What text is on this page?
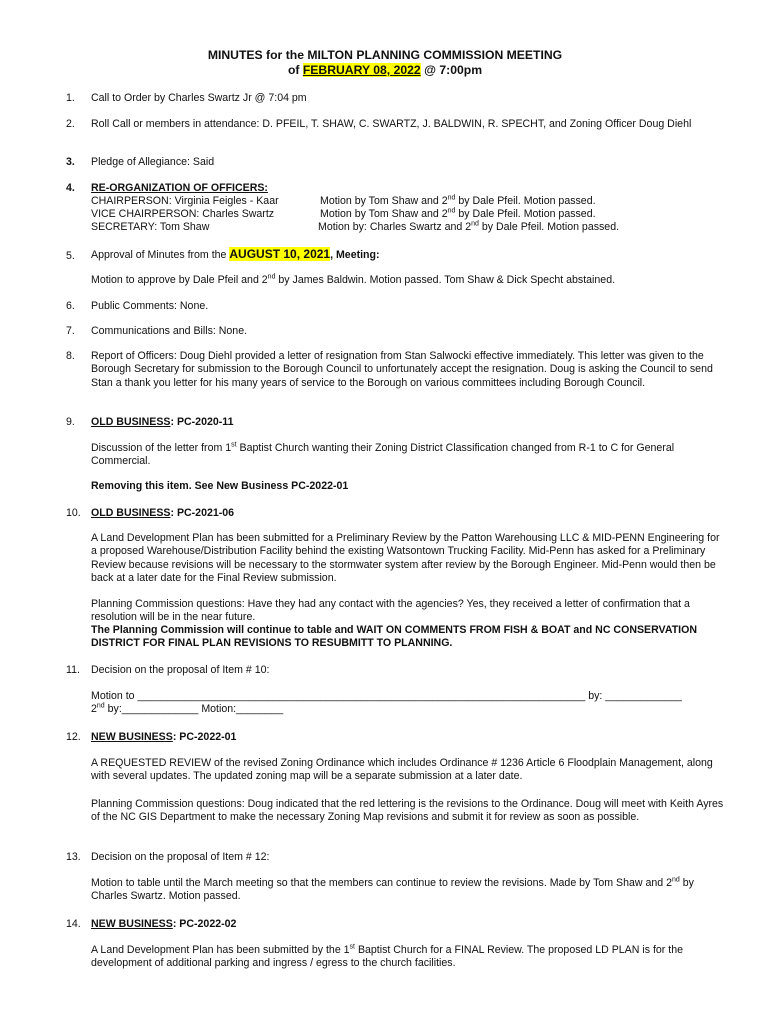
MINUTES for the MILTON PLANNING COMMISSION MEETING
of FEBRUARY 08, 2022 @ 7:00pm
1. Call to Order by Charles Swartz Jr @ 7:04 pm
2. Roll Call or members in attendance: D. PFEIL, T. SHAW, C. SWARTZ, J. BALDWIN, R. SPECHT, and Zoning Officer Doug Diehl
3. Pledge of Allegiance: Said
4. RE-ORGANIZATION OF OFFICERS:
CHAIRPERSON: Virginia Feigles - Kaar	Motion by Tom Shaw and 2nd by Dale Pfeil. Motion passed.
VICE CHAIRPERSON: Charles Swartz	Motion by Tom Shaw and 2nd by Dale Pfeil. Motion passed.
SECRETARY: Tom Shaw	Motion by: Charles Swartz and 2nd by Dale Pfeil. Motion passed.
5. Approval of Minutes from the AUGUST 10, 2021, Meeting:
Motion to approve by Dale Pfeil and 2nd by James Baldwin. Motion passed. Tom Shaw & Dick Specht abstained.
6. Public Comments: None.
7. Communications and Bills: None.
8. Report of Officers: Doug Diehl provided a letter of resignation from Stan Salwocki effective immediately. This letter was given to the Borough Secretary for submission to the Borough Council to unfortunately accept the resignation. Doug is asking the Council to send Stan a thank you letter for his many years of service to the Borough on various committees including Borough Council.
9. OLD BUSINESS: PC-2020-11
Discussion of the letter from 1st Baptist Church wanting their Zoning District Classification changed from R-1 to C for General Commercial.
Removing this item. See New Business PC-2022-01
10. OLD BUSINESS: PC-2021-06
A Land Development Plan has been submitted for a Preliminary Review by the Patton Warehousing LLC & MID-PENN Engineering for a proposed Warehouse/Distribution Facility behind the existing Watsontown Trucking Facility. Mid-Penn has asked for a Preliminary Review because revisions will be necessary to the stormwater system after review by the Borough Engineer. Mid-Penn would then be back at a later date for the Final Review submission.
Planning Commission questions: Have they had any contact with the agencies? Yes, they received a letter of confirmation that a resolution will be in the near future.
The Planning Commission will continue to table and WAIT ON COMMENTS FROM FISH & BOAT and NC CONSERVATION DISTRICT FOR FINAL PLAN REVISIONS TO RESUBMITT TO PLANNING.
11. Decision on the proposal of Item # 10:
Motion to ____________________________________________________________________________ by: _____________
2nd by:_____________ Motion:________
12. NEW BUSINESS: PC-2022-01
A REQUESTED REVIEW of the revised Zoning Ordinance which includes Ordinance # 1236 Article 6 Floodplain Management, along with several updates. The updated zoning map will be a separate submission at a later date.
Planning Commission questions: Doug indicated that the red lettering is the revisions to the Ordinance. Doug will meet with Keith Ayres of the NC GIS Department to make the necessary Zoning Map revisions and submit it for review as soon as possible.
13. Decision on the proposal of Item # 12:
Motion to table until the March meeting so that the members can continue to review the revisions. Made by Tom Shaw and 2nd by Charles Swartz. Motion passed.
14. NEW BUSINESS: PC-2022-02
A Land Development Plan has been submitted by the 1st Baptist Church for a FINAL Review. The proposed LD PLAN is for the development of additional parking and ingress / egress to the church facilities.
